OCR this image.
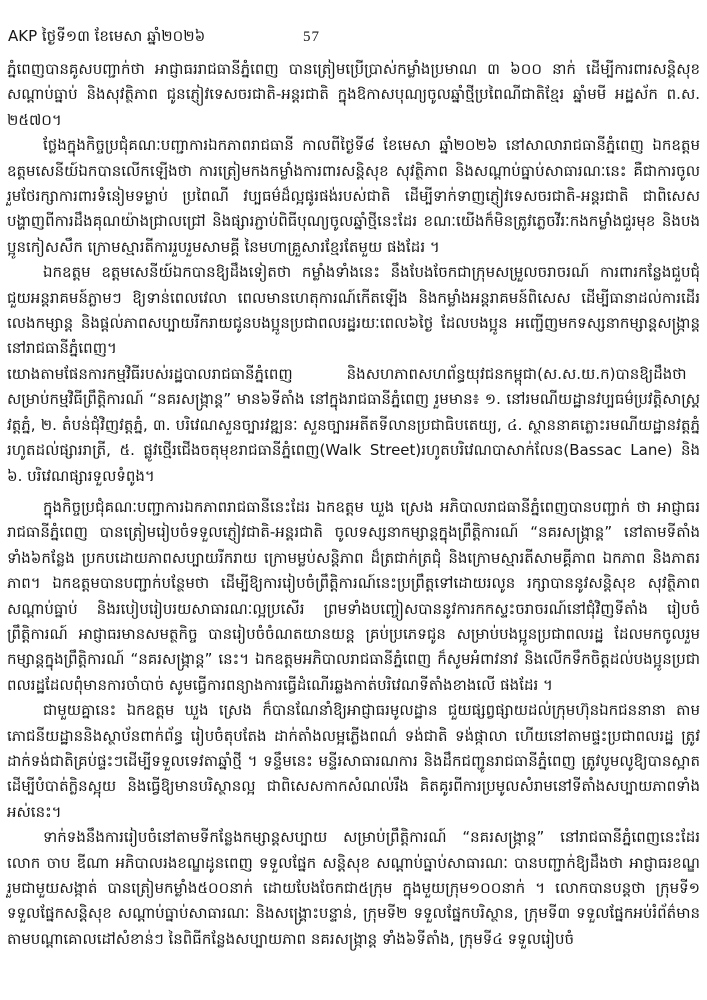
AKP ថ្ងៃទី១៣ ខែមេសា ឆ្នាំ២០២៦	57

ភ្នំពេញបានគូសបញ្ជាក់ថា អាជ្ញាធររាជធានីភ្នំពេញ បានត្រៀមប្រើប្រាស់កម្លាំងប្រមាណ ៣ ៦០០ នាក់ ដើម្បីការពារសន្តិសុខ សណ្ដាប់ធ្នាប់ និងសុវត្ថិភាព ជូនភ្ញៀវទេសចរជាតិ-អន្តរជាតិ ក្នុងឱកាសបុណ្យចូលឆ្នាំថ្មីប្រពៃណីជាតិខ្មែរ ឆ្នាំមមី អដ្ឋស័ក ព.ស. ២៥៧០។

ថ្លែងក្នុងកិច្ចប្រជុំគណៈបញ្ជាការឯកភាពរាជធានី កាលពីថ្ងៃទី៨ ខែមេសា ឆ្នាំ២០២៦ នៅសាលារាជធានីភ្នំពេញ ឯកឧត្តម ឧត្តមសេនីយ៍ឯកបានលើកឡើងថា ការត្រៀមកងកម្លាំងការពារសន្តិសុខ សុវត្ថិភាព និងសណ្ដាប់ធ្នាប់សាធារណៈនេះ គឺជាការចូលរួមថែរក្សាការពារទំនៀមទម្លាប់ ប្រពៃណី វប្បធម៌ដ៏ល្អផូរផង់របស់ជាតិ ដើម្បីទាក់ទាញភ្ញៀវទេសចរជាតិ-អន្តរជាតិ ជាពិសេសបង្ហាញពីការដឹងគុណយ៉ាងជ្រាលជ្រៅ និងផ្សារភ្ជាប់ពិធីបុណ្យចូលឆ្នាំថ្មីនេះដែរ ខណៈយើងក៏មិនត្រូវភ្លេចវីរៈកងកម្លាំងជួរមុខ និងបងប្អូនកៀសសឹក ក្រោមស្មារតីការរួបរួមសាមគ្គី នៃមហាគ្រួសារខ្មែរតែមួយ ផងដែរ ។

ឯកឧត្តម ឧត្តមសេនីយ៍ឯកបានឱ្យដឹងទៀតថា កម្លាំងទាំងនេះ នឹងបែងចែកជាក្រុមសម្រួលចរាចរណ៍ ការពារកន្លែងជួបជុំ ជួយអន្តរាគមន៍ភ្លាមៗ ឱ្យទាន់ពេលវេលា ពេលមានហេតុការណ៍កើតឡើង និងកម្លាំងអន្តរាគមន៍ពិសេស ដើម្បីធានាដល់ការដើរលេងកម្សាន្ត និងផ្ដល់ភាពសប្បាយរីករាយជូនបងប្អូនប្រជាពលរដ្ឋរយៈពេល៦ថ្ងៃ ដែលបងប្អូន អញ្ជើញមកទស្សនាកម្សាន្តសង្ក្រាន្ត នៅរាជធានីភ្នំពេញ។

យោងតាមផែនការកម្មវិធីរបស់រដ្ឋបាលរាជធានីភ្នំពេញ	និងសហភាពសហព័ន្ធយុវជនកម្ពុជា(ស.ស.យ.ក)បានឱ្យដឹងថា សម្រាប់កម្មវិធីព្រឹត្តិការណ៍ “នគរសង្ក្រាន្ត” មាន៦ទីតាំង នៅក្នុងរាជធានីភ្នំពេញ រួមមាន៖ ១. នៅរមណីយដ្ឋានវប្បធម៌ប្រវត្តិសាស្ត្រវត្តភ្នំ, ២. តំបន់ជុំវិញវត្តភ្នំ, ៣. បរិវេណសួនច្បារវឌ្ឍនៈ សួនច្បារអតីតទីលានប្រជាធិបតេយ្យ, ៤. ស្ថាននាគភ្លោះរមណីយដ្ឋានវត្តភ្នំរហូតដល់ផ្សាររាត្រី, ៥. ផ្លូវថ្មើរជើងចតុមុខរាជធានីភ្នំពេញ(Walk Street)រហូតបរិវេណបាសាក់លែន(Bassac Lane) និង ៦. បរិវេណផ្សារទួលទំពូង។

ក្នុងកិច្ចប្រជុំគណៈបញ្ជាការឯកភាពរាជធានីនេះដែរ ឯកឧត្តម ឃួង ស្រេង អភិបាលរាជធានីភ្នំពេញបានបញ្ជាក់ ថា អាជ្ញាធររាជធានីភ្នំពេញ បានត្រៀមរៀបចំទទួលភ្ញៀវជាតិ-អន្តរជាតិ ចូលទស្សនាកម្សាន្តក្នុងព្រឹត្តិការណ៍ “នគរសង្ក្រាន្ត” នៅតាមទីតាំងទាំង៦កន្លែង ប្រកបដោយភាពសប្បាយរីករាយ ក្រោមម្លប់សន្តិភាព ដ៏ត្រជាក់ត្រជុំ និងក្រោមស្មារតីសាមគ្គីភាព ឯកភាព និងភាតរភាព។ ឯកឧត្តមបានបញ្ជាក់បន្ថែមថា ដើម្បីឱ្យការរៀបចំព្រឹត្តិការណ៍នេះប្រព្រឹត្តទៅដោយរលូន រក្សាបាននូវសន្តិសុខ សុវត្ថិភាព សណ្ដាប់ធ្នាប់ និងរបៀបរៀបរយសាធារណៈល្អប្រសើរ ព្រមទាំងបញ្ចៀសបាននូវការកកស្ទះចរាចរណ៍នៅជុំវិញទីតាំង រៀបចំព្រឹត្តិការណ៍ អាជ្ញាធរមានសមត្ថកិច្ច បានរៀបចំចំណតយានយន្ត គ្រប់ប្រភេទជូន សម្រាប់បងប្អូនប្រជាពលរដ្ឋ ដែលមកចូលរួមកម្សាន្តក្នុងព្រឹត្តិការណ៍ “នគរសង្ក្រាន្ត” នេះ។ ឯកឧត្តមអភិបាលរាជធានីភ្នំពេញ ក៏សូមអំពាវនាវ និងលើកទឹកចិត្តដល់បងប្អូនប្រជាពលរដ្ឋដែលពុំមានការចាំបាច់ សូមធ្វើការពន្យាងការធ្វើដំណើរឆ្លងកាត់បរិវេណទីតាំងខាងលើ ផងដែរ ។

ជាមួយគ្នានេះ ឯកឧត្តម ឃួង ស្រេង ក៏បានណែនាំឱ្យអាជ្ញាធរមូលដ្ឋាន ជួយផ្សព្វផ្សាយដល់ក្រុមហ៊ុនឯកជននានា តាមភោជនីយដ្ឋាននិងស្ថាប័នពាក់ព័ន្ធ រៀបចំតុបតែង ដាក់តាំងលម្អភ្លើងពណ៌ ទង់ជាតិ ទង់ផ្កាលា ហើយនៅតាមផ្ទះប្រជាពលរដ្ឋ ត្រូវដាក់ទង់ជាតិគ្រប់ផ្ទះៗដើម្បីទទួលទេវតាឆ្នាំថ្មី ។ ទន្ទឹមនេះ មន្ទីរសាធារណការ និងដឹកជញ្ជូនរាជធានីភ្នំពេញ ត្រូវបូមលូឱ្យបានស្អាត ដើម្បីបំបាត់ក្លិនស្អុយ និងធ្វើឱ្យមានបរិស្ថានល្អ ជាពិសេសកាកសំណល់រឹង គិតគូរពីការប្រមូលសំរាមនៅទីតាំងសប្បាយភាពទាំងអស់នេះ។

ទាក់ទងនឹងការរៀបចំនៅតាមទីកន្លែងកម្សាន្តសប្បាយ សម្រាប់ព្រឹត្តិការណ៍ “នគរសង្ក្រាន្ត” នៅរាជធានីភ្នំពេញនេះដែរ លោក ចាប ឌីណា អភិបាលរងខណ្ឌដូនពេញ ទទួលផ្នែក សន្តិសុខ សណ្ដាប់ធ្នាប់សាធារណៈ បានបញ្ជាក់ឱ្យដឹងថា អាជ្ញាធរខណ្ឌរួមជាមួយសង្កាត់ បានត្រៀមកម្លាំង៥០០នាក់ ដោយបែងចែកជា៥ក្រុម ក្នុងមួយក្រុម១០០នាក់ ។ លោកបានបន្តថា ក្រុមទី១ ទទួលផ្នែកសន្តិសុខ សណ្ដាប់ធ្នាប់សាធារណៈ និងសង្គ្រោះបន្ទាន់, ក្រុមទី២ ទទួលផ្នែកបរិស្ថាន, ក្រុមទី៣ ទទួលផ្នែកអប់រំព័ត៌មាន តាមបណ្ដាគោលដៅសំខាន់ៗ នៃពិធីកន្លែងសប្បាយភាព នគរសង្ក្រាន្ត ទាំង៦ទីតាំង, ក្រុមទី៤ ទទួលរៀបចំ
